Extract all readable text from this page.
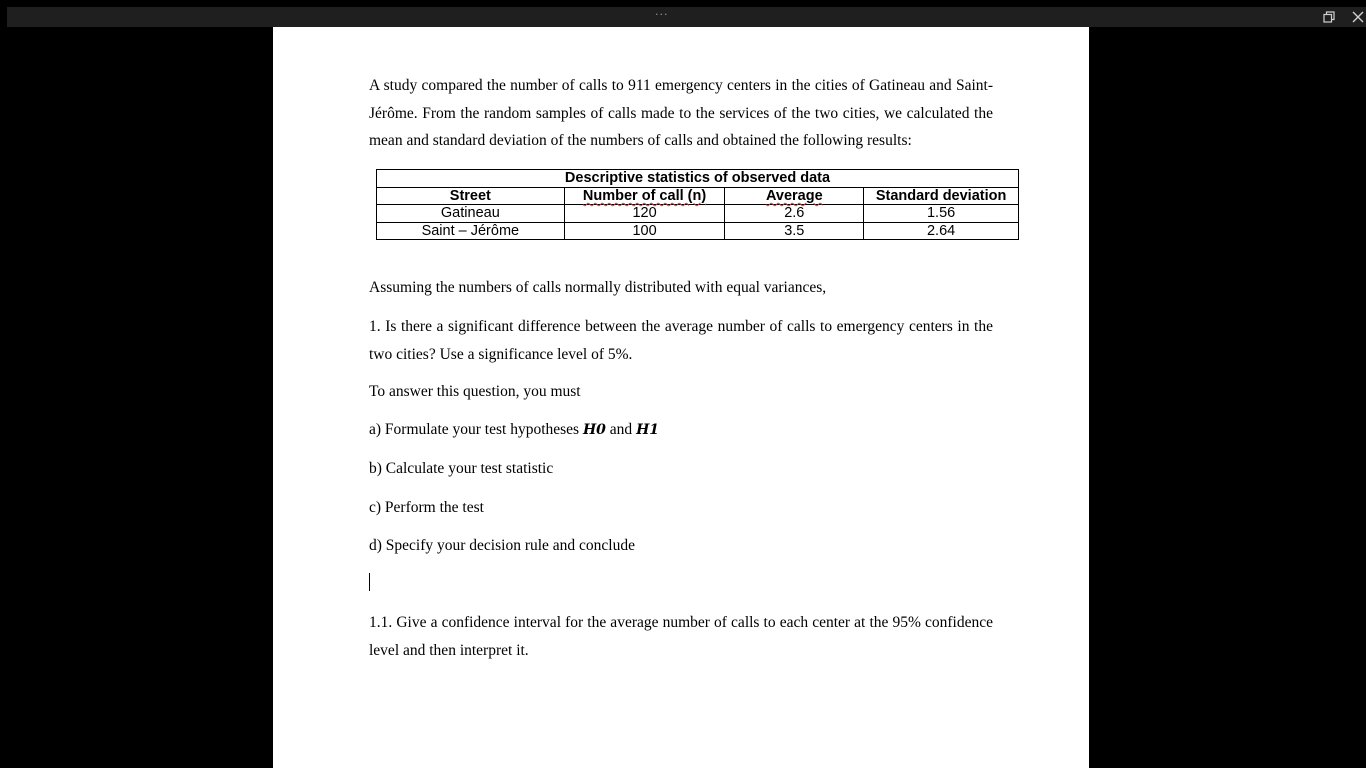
···

A study compared the number of calls to 911 emergency centers in the cities of Gatineau and Saint-Jérôme. From the random samples of calls made to the services of the two cities, we calculated the mean and standard deviation of the numbers of calls and obtained the following results:

Descriptive statistics of observed data			
Street	Number of call (n)	Average	Standard deviation
Gatineau	120	2.6	1.56
Saint – Jérôme	100	3.5	2.64

Assuming the numbers of calls normally distributed with equal variances,

1. Is there a significant difference between the average number of calls to emergency centers in the two cities? Use a significance level of 5%.

To answer this question, you must

a) Formulate your test hypotheses H0 and H1

b) Calculate your test statistic

c) Perform the test

d) Specify your decision rule and conclude

1.1. Give a confidence interval for the average number of calls to each center at the 95% confidence level and then interpret it.
